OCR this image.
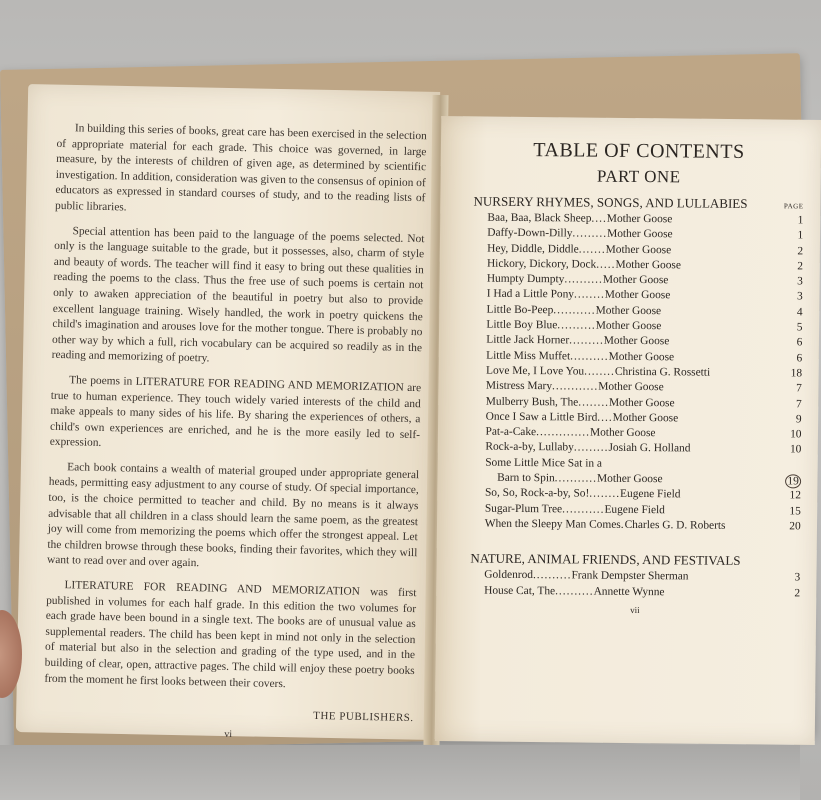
In building this series of books, great care has been exercised in the selection of appropriate material for each grade. This choice was governed, in large measure, by the interests of children of given age, as determined by scientific investigation. In addition, consideration was given to the consensus of opinion of educators as expressed in standard courses of study, and to the reading lists of public libraries.

Special attention has been paid to the language of the poems selected. Not only is the language suitable to the grade, but it possesses, also, charm of style and beauty of words. The teacher will find it easy to bring out these qualities in reading the poems to the class. Thus the free use of such poems is certain not only to awaken appreciation of the beautiful in poetry but also to provide excellent language training. Wisely handled, the work in poetry quickens the child's imagination and arouses love for the mother tongue. There is probably no other way by which a full, rich vocabulary can be acquired so readily as in the reading and memorizing of poetry.

The poems in LITERATURE FOR READING AND MEMORIZATION are true to human experience. They touch widely varied interests of the child and make appeals to many sides of his life. By sharing the experiences of others, a child's own experiences are enriched, and he is the more easily led to self-expression.

Each book contains a wealth of material grouped under appropriate general heads, permitting easy adjustment to any course of study. Of special importance, too, is the choice permitted to teacher and child. By no means is it always advisable that all children in a class should learn the same poem, as the greatest joy will come from memorizing the poems which offer the strongest appeal. Let the children browse through these books, finding their favorites, which they will want to read over and over again.

LITERATURE FOR READING AND MEMORIZATION was first published in volumes for each half grade. In this edition the two volumes for each grade have been bound in a single text. The books are of unusual value as supplemental readers. The child has been kept in mind not only in the selection of material but also in the selection and grading of the type used, and in the building of clear, open, attractive pages. The child will enjoy these poetry books from the moment he first looks between their covers.

THE PUBLISHERS.
vi
TABLE OF CONTENTS
PART ONE
NURSERY RHYMES, SONGS, AND LULLABIES	PAGE
Baa, Baa, Black Sheep .... Mother Goose	1
Daffy-Down-Dilly ......... Mother Goose	1
Hey, Diddle, Diddle ....... Mother Goose	2
Hickory, Dickory, Dock ..... Mother Goose	2
Humpty Dumpty .......... Mother Goose	3
I Had a Little Pony ........ Mother Goose	3
Little Bo-Peep ........... Mother Goose	4
Little Boy Blue .......... Mother Goose	5
Little Jack Horner ......... Mother Goose	6
Little Miss Muffet .......... Mother Goose	6
Love Me, I Love You ........ Christina G. Rossetti	18
Mistress Mary ............ Mother Goose	7
Mulberry Bush, The ........ Mother Goose	7
Once I Saw a Little Bird .... Mother Goose	9
Pat-a-Cake .............. Mother Goose	10
Rock-a-by, Lullaby ......... Josiah G. Holland	10
Some Little Mice Sat in a
Barn to Spin ........... Mother Goose	19
So, So, Rock-a-by, So! ........ Eugene Field	12
Sugar-Plum Tree ........... Eugene Field	15
When the Sleepy Man Comes . Charles G. D. Roberts	20
NATURE, ANIMAL FRIENDS, AND FESTIVALS
Goldenrod .......... Frank Dempster Sherman	3
House Cat, The .......... Annette Wynne	2
vii
